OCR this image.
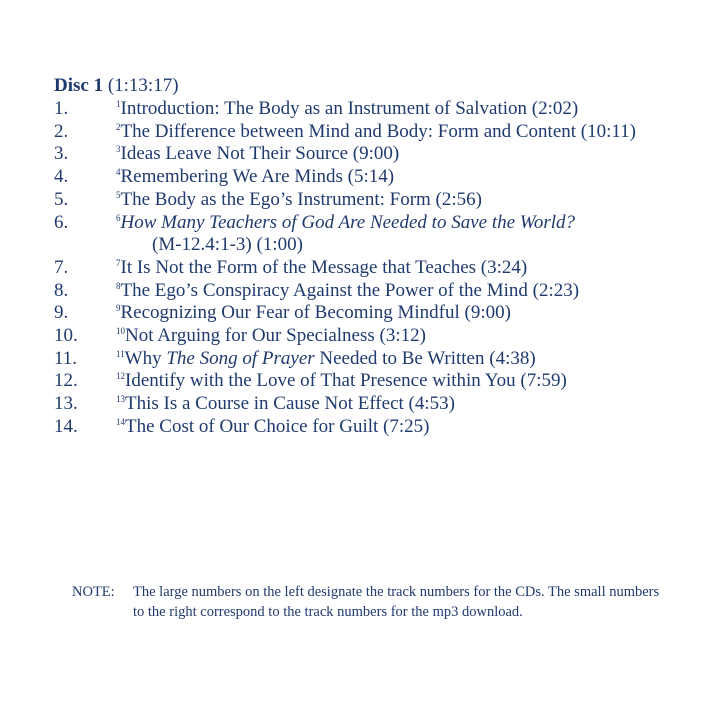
Disc 1 (1:13:17)
1.	$^1$Introduction: The Body as an Instrument of Salvation (2:02)
2.	$^2$The Difference between Mind and Body: Form and Content (10:11)
3.	$^3$Ideas Leave Not Their Source (9:00)
4.	$^4$Remembering We Are Minds (5:14)
5.	$^5$The Body as the Ego’s Instrument: Form (2:56)
6.	$^6$How Many Teachers of God Are Needed to Save the World?
(M-12.4:1-3) (1:00)
7.	$^7$It Is Not the Form of the Message that Teaches (3:24)
8.	$^8$The Ego’s Conspiracy Against the Power of the Mind (2:23)
9.	$^9$Recognizing Our Fear of Becoming Mindful (9:00)
10.	$^{10}$Not Arguing for Our Specialness (3:12)
11.	$^{11}$Why The Song of Prayer Needed to Be Written (4:38)
12.	$^{12}$Identify with the Love of That Presence within You (7:59)
13.	$^{13}$This Is a Course in Cause Not Effect (4:53)
14.	$^{14}$The Cost of Our Choice for Guilt (7:25)
NOTE: The large numbers on the left designate the track numbers for the CDs. The small numbers to the right correspond to the track numbers for the mp3 download.
